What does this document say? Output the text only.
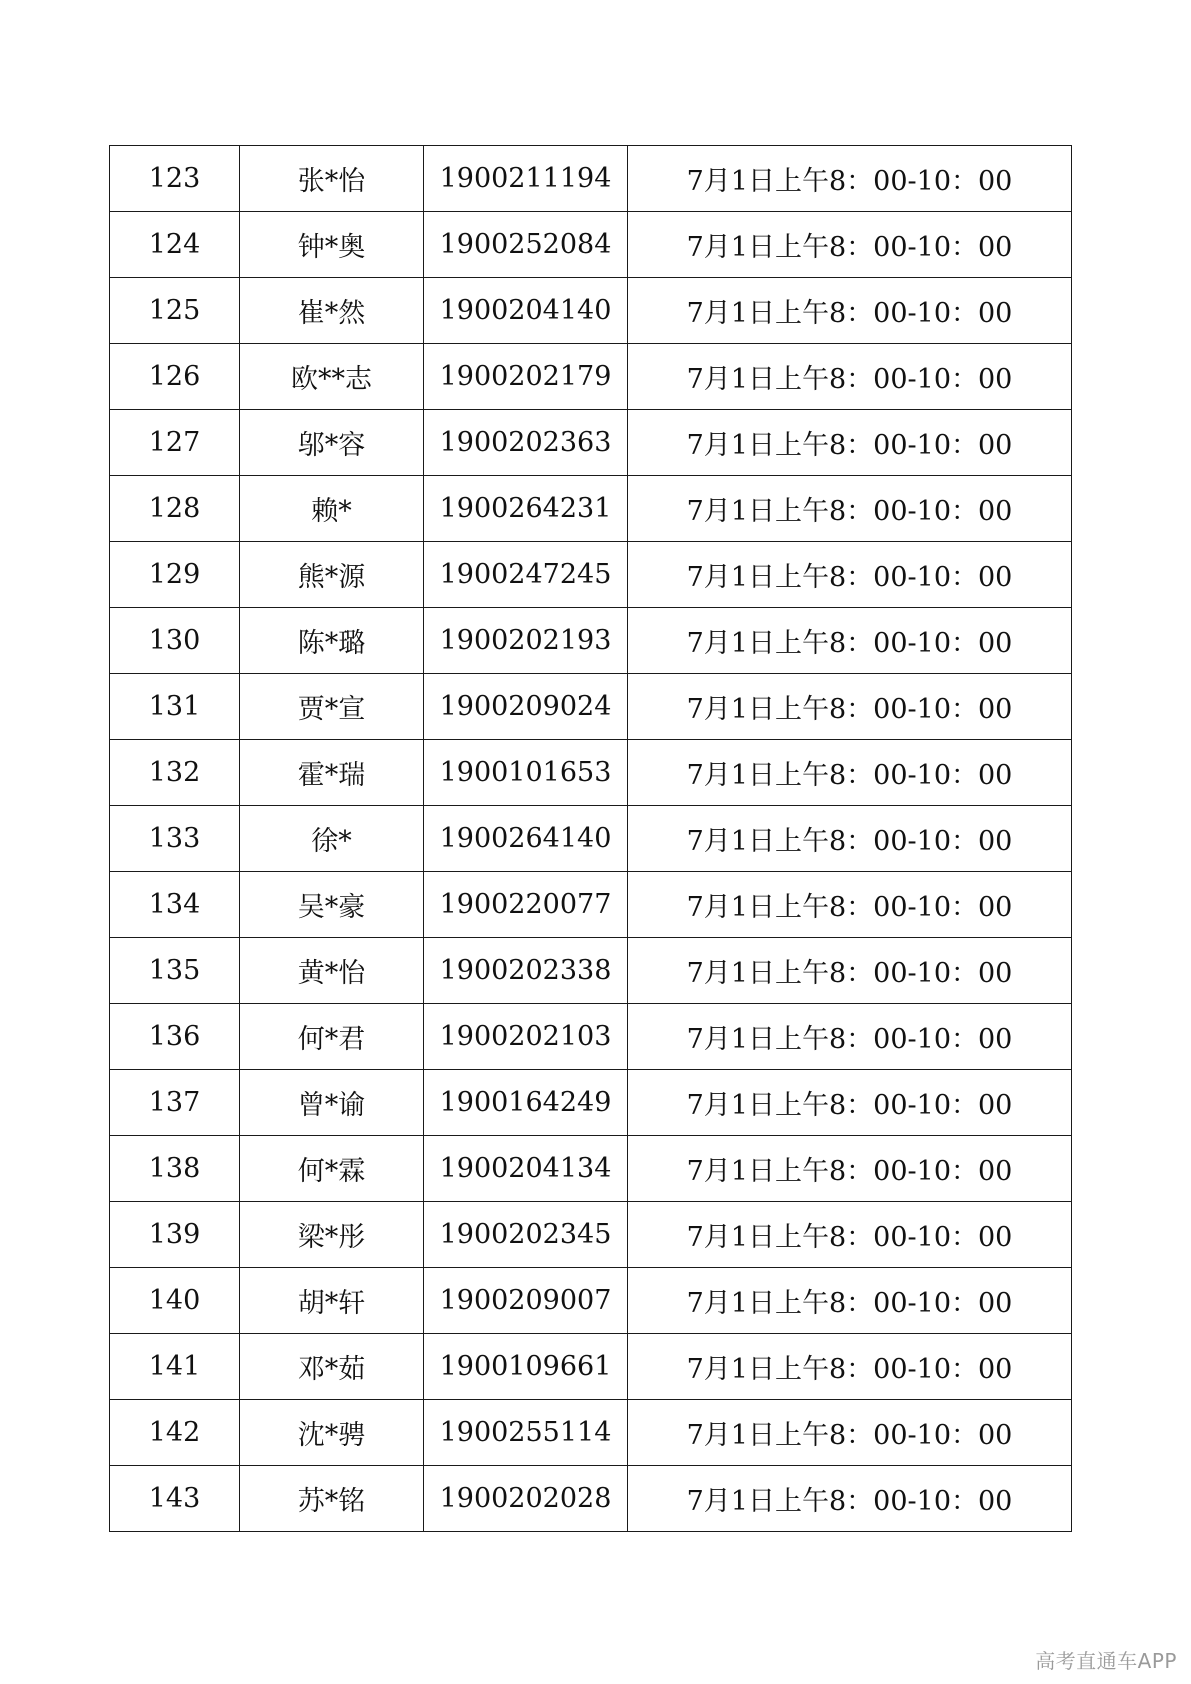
123	张*怡	1900211194	7月1日上午8：00-10：00
124	钟*奥	1900252084	7月1日上午8：00-10：00
125	崔*然	1900204140	7月1日上午8：00-10：00
126	欧**志	1900202179	7月1日上午8：00-10：00
127	邬*容	1900202363	7月1日上午8：00-10：00
128	赖*	1900264231	7月1日上午8：00-10：00
129	熊*源	1900247245	7月1日上午8：00-10：00
130	陈*璐	1900202193	7月1日上午8：00-10：00
131	贾*宣	1900209024	7月1日上午8：00-10：00
132	霍*瑞	1900101653	7月1日上午8：00-10：00
133	徐*	1900264140	7月1日上午8：00-10：00
134	吴*豪	1900220077	7月1日上午8：00-10：00
135	黄*怡	1900202338	7月1日上午8：00-10：00
136	何*君	1900202103	7月1日上午8：00-10：00
137	曾*谕	1900164249	7月1日上午8：00-10：00
138	何*霖	1900204134	7月1日上午8：00-10：00
139	梁*彤	1900202345	7月1日上午8：00-10：00
140	胡*轩	1900209007	7月1日上午8：00-10：00
141	邓*茹	1900109661	7月1日上午8：00-10：00
142	沈*骋	1900255114	7月1日上午8：00-10：00
143	苏*铭	1900202028	7月1日上午8：00-10：00
高考直通车APP
